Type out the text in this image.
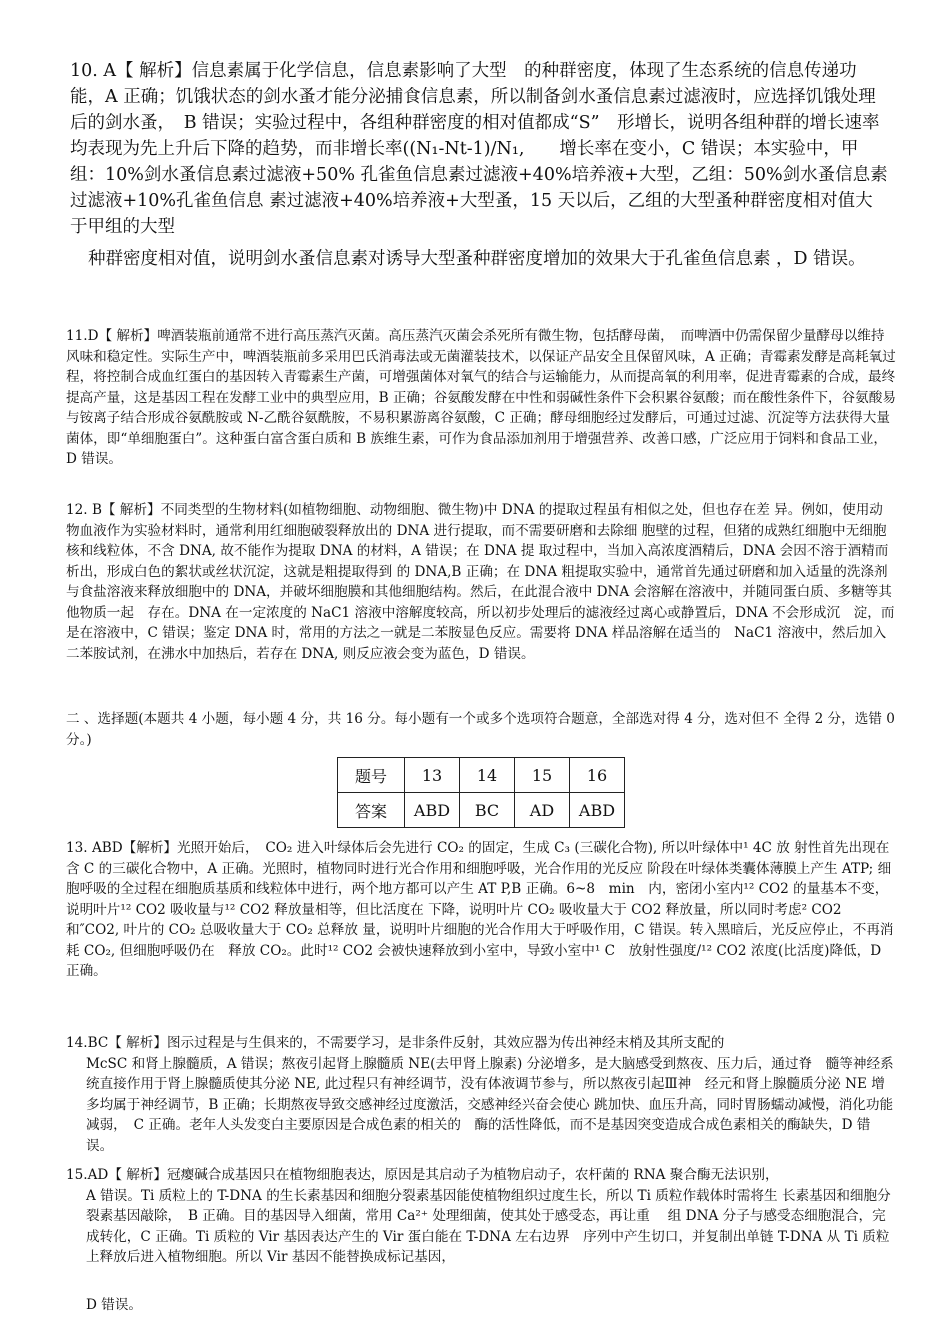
10. A【 解析】信息素属于化学信息，信息素影响了大型　的种群密度，体现了生态系统的信息传递功能，A 正确；饥饿状态的剑水蚤才能分泌捕食信息素，所以制备剑水蚤信息素过滤液时，应选择饥饿处理后的剑水蚤，　B 错误；实验过程中，各组种群密度的相对值都成“S”　形增长，说明各组种群的增长速率均表现为先上升后下降的趋势，而非增长率((N₁-Nt-1)/N₁,　　增长率在变小，C 错误；本实验中，甲组：10%剑水蚤信息素过滤液+50% 孔雀鱼信息素过滤液+40%培养液+大型，乙组：50%剑水蚤信息素过滤液+10%孔雀鱼信息 素过滤液+40%培养液+大型蚤，15 天以后，乙组的大型蚤种群密度相对值大于甲组的大型

种群密度相对值，说明剑水蚤信息素对诱导大型蚤种群密度增加的效果大于孔雀鱼信息素 ，D 错误。

11.D【 解析】啤酒装瓶前通常不进行高压蒸汽灭菌。高压蒸汽灭菌会杀死所有微生物，包括酵母菌，　而啤酒中仍需保留少量酵母以维持风味和稳定性。实际生产中，啤酒装瓶前多采用巴氏消毒法或无菌灌装技术，以保证产品安全且保留风味，A 正确；青霉素发酵是高耗氧过程，将控制合成血红蛋白的基因转入青霉素生产菌，可增强菌体对氧气的结合与运输能力，从而提高氧的利用率，促进青霉素的合成，最终提高产量，这是基因工程在发酵工业中的典型应用，B 正确；谷氨酸发酵在中性和弱碱性条件下会积累谷氨酸；而在酸性条件下，谷氨酸易与铵离子结合形成谷氨酰胺或 N-乙酰谷氨酰胺，不易积累游离谷氨酸，C 正确；酵母细胞经过发酵后，可通过过滤、沉淀等方法获得大量菌体，即“单细胞蛋白”。这种蛋白富含蛋白质和 B 族维生素，可作为食品添加剂用于增强营养、改善口感，广泛应用于饲料和食品工业，D 错误。

12. B【 解析】不同类型的生物材料(如植物细胞、动物细胞、微生物)中 DNA 的提取过程虽有相似之处，但也存在差 异。例如，使用动物血液作为实验材料时，通常利用红细胞破裂释放出的 DNA 进行提取，而不需要研磨和去除细 胞壁的过程，但猪的成熟红细胞中无细胞核和线粒体，不含 DNA, 故不能作为提取 DNA 的材料，A 错误；在 DNA 提 取过程中，当加入高浓度酒精后，DNA 会因不溶于酒精而析出，形成白色的絮状或丝状沉淀，这就是粗提取得到 的 DNA,B 正确；在 DNA 粗提取实验中，通常首先通过研磨和加入适量的洗涤剂与食盐溶液来释放细胞中的 DNA，并破坏细胞膜和其他细胞结构。然后，在此混合液中 DNA 会溶解在溶液中，并随同蛋白质、多糖等其他物质一起　存在。DNA 在一定浓度的 NaC1 溶液中溶解度较高，所以初步处理后的滤液经过离心或静置后，DNA 不会形成沉　淀，而是在溶液中，C 错误；鉴定 DNA 时，常用的方法之一就是二苯胺显色反应。需要将 DNA 样品溶解在适当的　NaC1 溶液中，然后加入二苯胺试剂，在沸水中加热后，若存在 DNA, 则反应液会变为蓝色，D 错误。

二 、选择题(本题共 4 小题，每小题 4 分，共 16 分。每小题有一个或多个选项符合题意，全部选对得 4 分，选对但不 全得 2 分，选错 0 分。)

题号	13	14	15	16
答案	ABD	BC	AD	ABD

13. ABD【解析】光照开始后，　CO₂ 进入叶绿体后会先进行 CO₂ 的固定，生成 C₃ (三碳化合物), 所以叶绿体中¹ 4C 放 射性首先出现在含 C 的三碳化合物中，A 正确。光照时，植物同时进行光合作用和细胞呼吸，光合作用的光反应 阶段在叶绿体类囊体薄膜上产生 ATP; 细胞呼吸的全过程在细胞质基质和线粒体中进行，两个地方都可以产生 AT P,B 正确。6~8　min　内，密闭小室内¹² CO2 的量基本不变，说明叶片¹² CO2 吸收量与¹² CO2 释放量相等，但比活度在 下降，说明叶片 CO₂ 吸收量大于 CO2 释放量，所以同时考虑² CO2 和″CO2, 叶片的 CO₂ 总吸收量大于 CO₂ 总释放 量，说明叶片细胞的光合作用大于呼吸作用，C 错误。转入黑暗后，光反应停止，不再消耗 CO₂, 但细胞呼吸仍在　释放 CO₂。此时¹² CO2 会被快速释放到小室中，导致小室中¹ C　放射性强度/¹² CO2 浓度(比活度)降低，D 正确。

14.BC【 解析】图示过程是与生俱来的，不需要学习，是非条件反射，其效应器为传出神经末梢及其所支配的

McSC 和肾上腺髓质，A 错误；熬夜引起肾上腺髓质 NE(去甲肾上腺素) 分泌增多，是大脑感受到熬夜、压力后，通过脊　髓等神经系统直接作用于肾上腺髓质使其分泌 NE, 此过程只有神经调节，没有体液调节参与，所以熬夜引起Ⅲ神　经元和肾上腺髓质分泌 NE 增多均属于神经调节，B 正确；长期熬夜导致交感神经过度激活，交感神经兴奋会使心 跳加快、血压升高，同时胃肠蠕动减慢，消化功能减弱，　C 正确。老年人头发变白主要原因是合成色素的相关的　酶的活性降低，而不是基因突变造成合成色素相关的酶缺失，D 错误。

15.AD【 解析】冠瘿碱合成基因只在植物细胞表达，原因是其启动子为植物启动子，农杆菌的 RNA 聚合酶无法识别，

A 错误。Ti 质粒上的 T-DNA 的生长素基因和细胞分裂素基因能使植物组织过度生长，所以 Ti 质粒作载体时需将生 长素基因和细胞分裂素基因敲除，　B 正确。目的基因导入细菌，常用 Ca²⁺ 处理细菌，使其处于感受态，再让重　 组 DNA 分子与感受态细胞混合，完成转化，C 正确。Ti 质粒的 Vir 基因表达产生的 Vir 蛋白能在 T-DNA 左右边界　序列中产生切口，并复制出单链 T-DNA 从 Ti 质粒上释放后进入植物细胞。所以 Vir 基因不能替换成标记基因，

D 错误。
